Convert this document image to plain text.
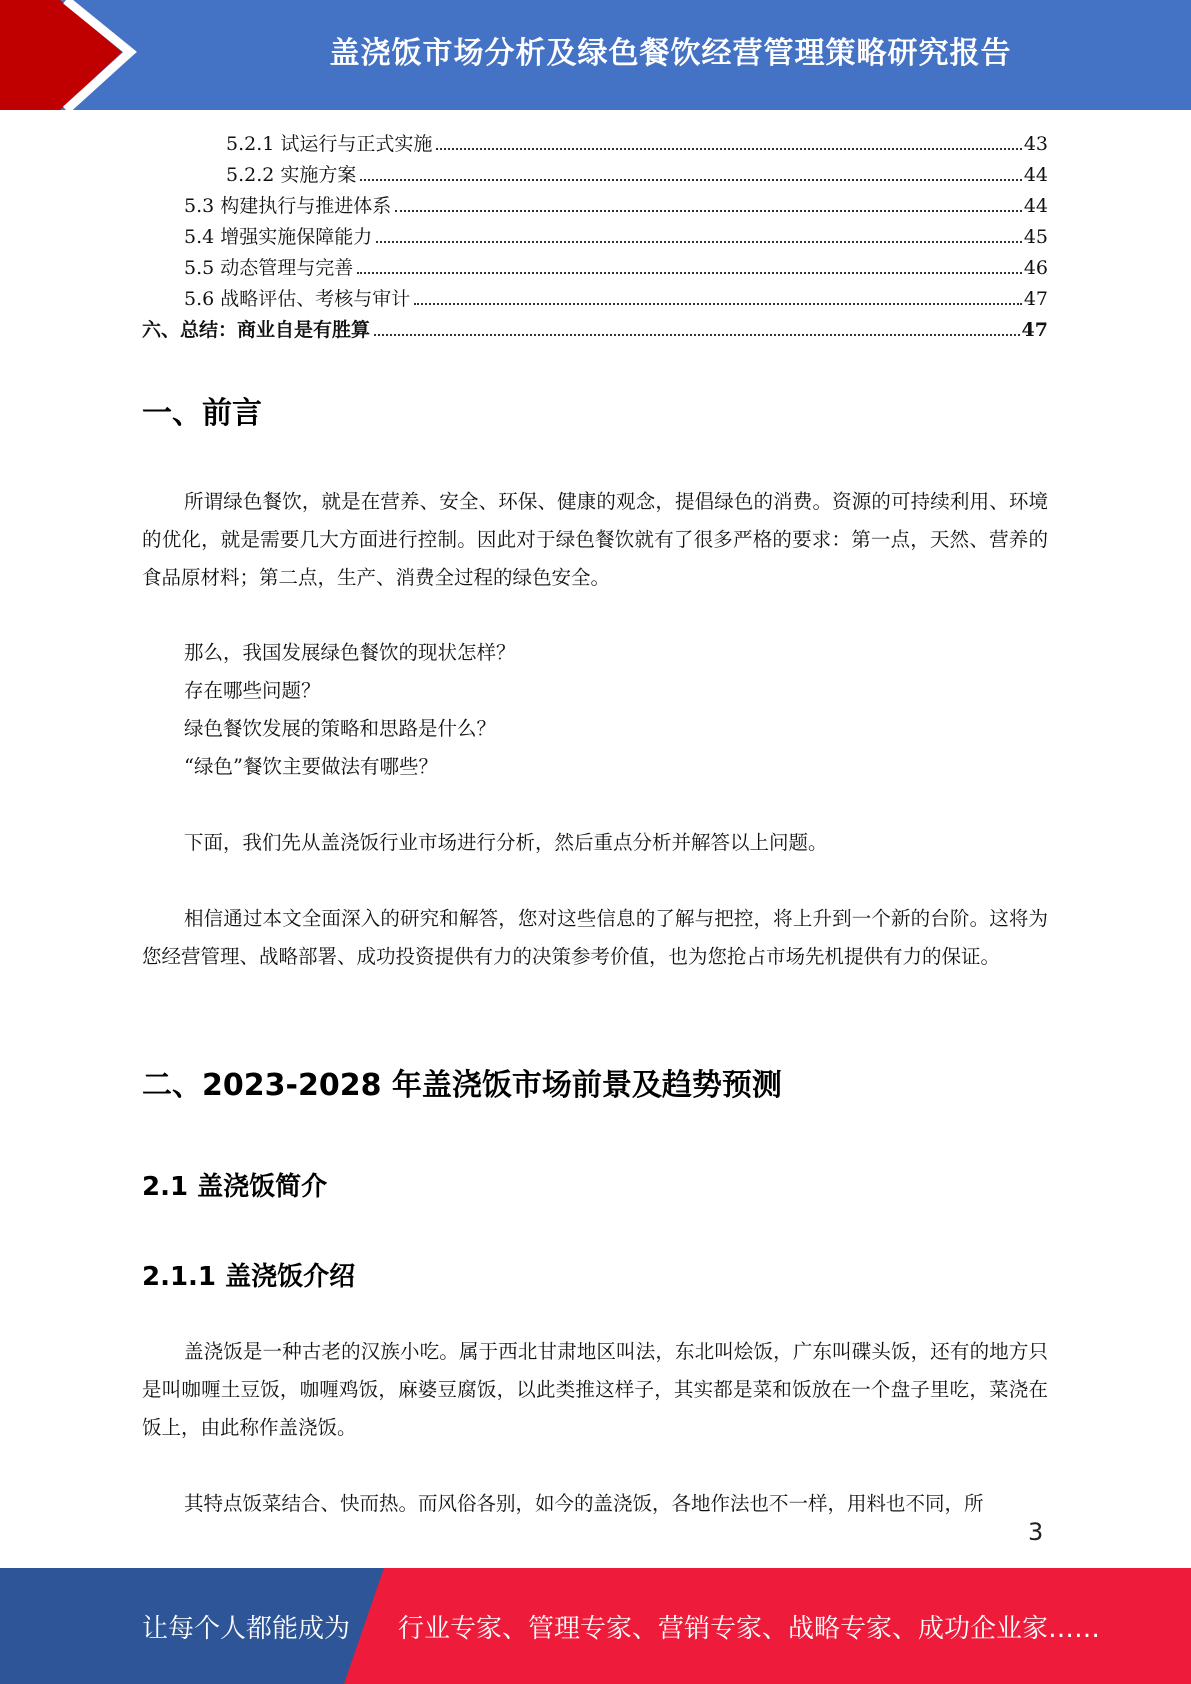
盖浇饭市场分析及绿色餐饮经营管理策略研究报告
5.2.1 试运行与正式实施	43
5.2.2 实施方案	44
5.3 构建执行与推进体系	44
5.4 增强实施保障能力	45
5.5 动态管理与完善	46
5.6 战略评估、考核与审计	47
六、总结：商业自是有胜算	47
一、前言

所谓绿色餐饮，就是在营养、安全、环保、健康的观念，提倡绿色的消费。资源的可持续利用、环境的优化，就是需要几大方面进行控制。因此对于绿色餐饮就有了很多严格的要求：第一点，天然、营养的食品原材料；第二点，生产、消费全过程的绿色安全。

那么，我国发展绿色餐饮的现状怎样？
存在哪些问题？
绿色餐饮发展的策略和思路是什么？
“绿色”餐饮主要做法有哪些？

下面，我们先从盖浇饭行业市场进行分析，然后重点分析并解答以上问题。

相信通过本文全面深入的研究和解答，您对这些信息的了解与把控，将上升到一个新的台阶。这将为您经营管理、战略部署、成功投资提供有力的决策参考价值，也为您抢占市场先机提供有力的保证。

二、2023-2028 年盖浇饭市场前景及趋势预测
2.1 盖浇饭简介
2.1.1 盖浇饭介绍

盖浇饭是一种古老的汉族小吃。属于西北甘肃地区叫法，东北叫烩饭，广东叫碟头饭，还有的地方只是叫咖喱土豆饭，咖喱鸡饭，麻婆豆腐饭，以此类推这样子，其实都是菜和饭放在一个盘子里吃，菜浇在饭上，由此称作盖浇饭。

其特点饭菜结合、快而热。而风俗各别，如今的盖浇饭，各地作法也不一样，用料也不同，所

3
让每个人都能成为 行业专家、管理专家、营销专家、战略专家、成功企业家……
